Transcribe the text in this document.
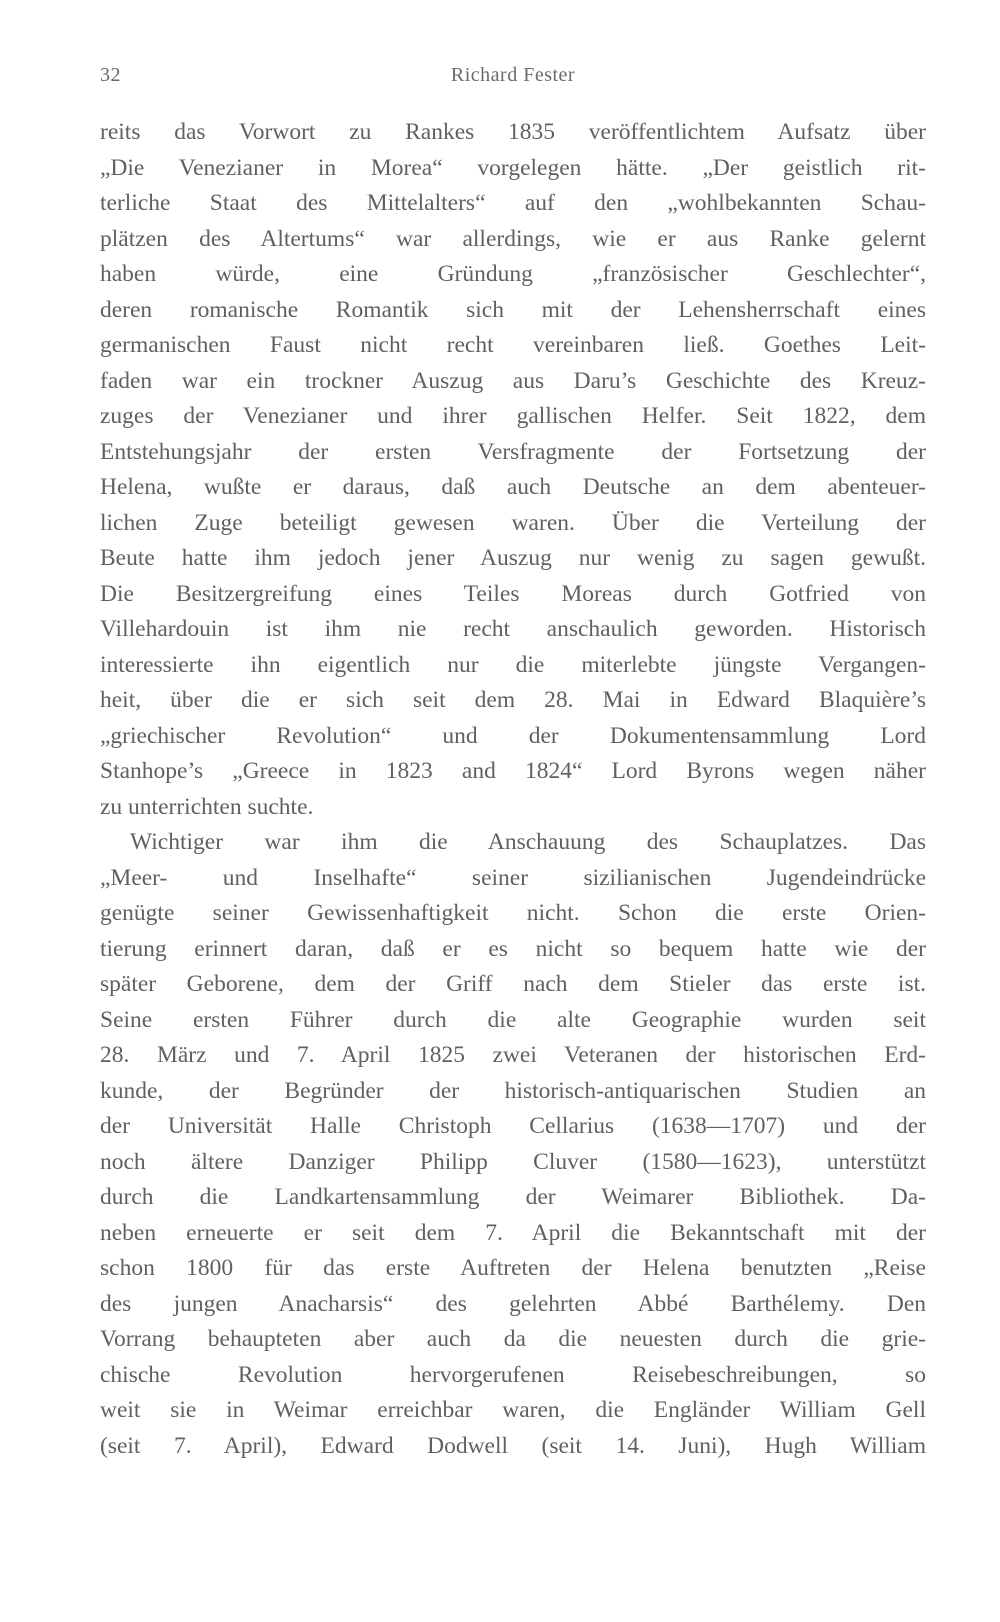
32	Richard Fester
reits das Vorwort zu Rankes 1835 veröffentlichtem Aufsatz über
„Die Venezianer in Morea“ vorgelegen hätte. „Der geistlich rit-
terliche Staat des Mittelalters“ auf den „wohlbekannten Schau-
plätzen des Altertums“ war allerdings, wie er aus Ranke gelernt
haben würde, eine Gründung „französischer Geschlechter“,
deren romanische Romantik sich mit der Lehensherrschaft eines
germanischen Faust nicht recht vereinbaren ließ. Goethes Leit-
faden war ein trockner Auszug aus Daru’s Geschichte des Kreuz-
zuges der Venezianer und ihrer gallischen Helfer. Seit 1822, dem
Entstehungsjahr der ersten Versfragmente der Fortsetzung der
Helena, wußte er daraus, daß auch Deutsche an dem abenteuer-
lichen Zuge beteiligt gewesen waren. Über die Verteilung der
Beute hatte ihm jedoch jener Auszug nur wenig zu sagen gewußt.
Die Besitzergreifung eines Teiles Moreas durch Gotfried von
Villehardouin ist ihm nie recht anschaulich geworden. Historisch
interessierte ihn eigentlich nur die miterlebte jüngste Vergangen-
heit, über die er sich seit dem 28. Mai in Edward Blaquière’s
„griechischer Revolution“ und der Dokumentensammlung Lord
Stanhope’s „Greece in 1823 and 1824“ Lord Byrons wegen näher
zu unterrichten suchte.
Wichtiger war ihm die Anschauung des Schauplatzes. Das
„Meer- und Inselhafte“ seiner sizilianischen Jugendeindrücke
genügte seiner Gewissenhaftigkeit nicht. Schon die erste Orien-
tierung erinnert daran, daß er es nicht so bequem hatte wie der
später Geborene, dem der Griff nach dem Stieler das erste ist.
Seine ersten Führer durch die alte Geographie wurden seit
28. März und 7. April 1825 zwei Veteranen der historischen Erd-
kunde, der Begründer der historisch-antiquarischen Studien an
der Universität Halle Christoph Cellarius (1638—1707) und der
noch ältere Danziger Philipp Cluver (1580—1623), unterstützt
durch die Landkartensammlung der Weimarer Bibliothek. Da-
neben erneuerte er seit dem 7. April die Bekanntschaft mit der
schon 1800 für das erste Auftreten der Helena benutzten „Reise
des jungen Anacharsis“ des gelehrten Abbé Barthélemy. Den
Vorrang behaupteten aber auch da die neuesten durch die grie-
chische Revolution hervorgerufenen Reisebeschreibungen, so
weit sie in Weimar erreichbar waren, die Engländer William Gell
(seit 7. April), Edward Dodwell (seit 14. Juni), Hugh William
